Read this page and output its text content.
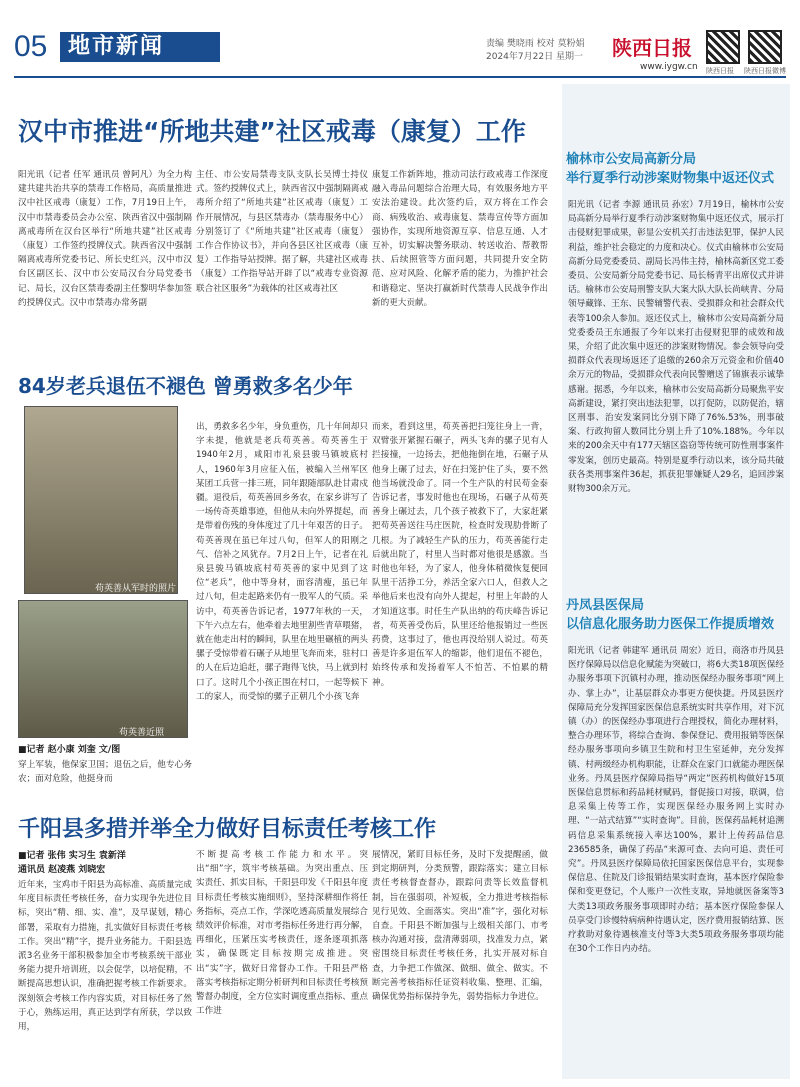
05 地市新闻	责编 樊晓雨 校对 莫粉娟
2024年7月22日 星期一 陕西日报
www.iygw.cn 陕西日报 陕西日报微博
汉中市推进“所地共建”社区戒毒（康复）工作
阳光讯（记者 任军 通讯员 曾阿凡）为全力构建共建共治共享的禁毒工作格局，高质量推进汉中社区戒毒（康复）工作，7月19日上午，汉中市禁毒委员会办公室、陕西省汉中强制隔离戒毒所在汉台区举行“所地共建”社区戒毒（康复）工作签约授牌仪式。陕西省汉中强制隔离戒毒所党委书记、所长史红兴，汉中市汉台区副区长、汉中市公安局汉台分局党委书记、局长，汉台区禁毒委副主任黎明华参加签约授牌仪式。汉中市禁毒办常务副
主任、市公安局禁毒支队支队长吴博士持仪式。签约授牌仪式上，陕西省汉中强制隔离戒毒所介绍了“所地共建”社区戒毒（康复）工作开展情况，与县区禁毒办（禁毒服务中心）分别签订了《“所地共建”社区戒毒（康复）工作合作协议书》，并向各县区社区戒毒（康复）工作指导站授牌。据了解，共建社区戒毒（康复）工作指导站开辟了以“戒毒专业资源联合社区服务”为载体的社区戒毒社区
康复工作新阵地，推动司法行政戒毒工作深度融入毒品问题综合治理大局，有效服务地方平安法治建设。此次签约后，双方将在工作会商、病残收治、戒毒康复、禁毒宣传等方面加强协作，实现所地资源互享、信息互通、人才互补，切实解决警务联动、转送收治、帮教帮扶、后续照管等方面问题，共同提升安全防范、应对风险、化解矛盾的能力，为推护社会和谐稳定、坚决打赢新时代禁毒人民战争作出新的更大贡献。
84岁老兵退伍不褪色 曾勇救多名少年
苟英善从军时的照片
苟英善近照
■记者 赵小康 刘奎 文/图
穿上军装，他保家卫国；退伍之后，他专心务农；面对危险，他挺身而
出，勇救多名少年，身负重伤，几十年间却只字未提，他就是老兵苟英善。苟英善生于1940年2月，咸阳市礼泉县骏马镇坡底村人，1960年3月应征入伍，被编入兰州军区某团工兵营一排三班，同年跟随部队赴甘肃戍疆。退役后，苟英善回乡务农，在家乡讲写了一场传奇英雄事迹，但他从未向外界提起，而是带着伤残的身体度过了几十年艰苦的日子。苟英善现在虽已年过八旬，但军人的阳刚之气、信补之风犹存。7月2日上午，记者在礼泉县骏马镇坡底村苟英善的家中见到了这位“老兵”，他中等身材，面容清瘦，虽已年过八旬，但走起路来仍有一股军人的气质。采访中，苟英善告诉记者，1977年秋的一天，下午六点左右，他牵着去地里割些青草喂猪，就在他走出村的瞬间，队里在地里碾植的两头骡子受惊带着石碾子从地里飞奔而来，驻村口的人在后边追赶，骡子跑得飞快，马上就到村口了。这时几个小孩正围在村口，一起等候下工的家人，而受惊的骡子正朝几个小孩飞奔
而来，看到这里，苟英善把扫笼往身上一背，双臂张开紧握石碾子，两头飞奔的骡子见有人拦接撞，一边扬去，把他拖倒在地，石碾子从他身上碾了过去，好在扫笼护住了头，要不然他当场就没命了。同一个生产队的村民苟金泰告诉记者，事发时他也在现场，石碾子从苟英善身上碾过去，几个孩子被救下了，大家赶紧把苟英善送往马庄医院，检查时发现肋骨断了几根。为了减轻生产队的压力，苟英善能行走后就出院了，村里人当时都对他很是感激。当时他也年轻，为了家人，他身体稍微恢复便回队里干活挣工分，养活全家六口人，但救人之举他后来也没有向外人提起，村里上年龄的人才知道这事。时任生产队出纳的苟庆峰告诉记者，苟英善受伤后，队里还给他报销过一些医药费，这事过了，他也再没给别人说过。苟英善是许多退伍军人的缩影，他们退伍不褪色，始终传承和发扬着军人不怕苦、不怕累的精神。
千阳县多措并举全力做好目标责任考核工作
■记者 张伟 实习生 袁新洋
通讯员 赵凌燕 刘晓宏
近年来，宝鸡市千阳县为高标准、高质量完成年度目标责任考核任务，奋力实现争先进位目标，突出“精、细、实、准”，及早谋划，精心部署，采取有力措施，扎实做好目标责任考核工作。突出“精”字，提升业务能力。千阳县选派3名业务干部积极参加全市考核系统干部业务能力提升培训班，以会促学，以培促精，不断提高思想认识，准确把握考核工作新要求。深刻领会考核工作内容实质，对目标任务了然于心，熟练运用，真正达到学有所获，学以致用，
不断提高考核工作能力和水平。突出“细”字，筑牢考核基础。为突出重点、压实责任、抓实目标，千阳县印发《千阳县年度目标责任考核实施细则》，坚持深耕细作将任务指标，亮点工作，学深吃透高质量发展综合绩效评价标准，对市考指标任务进行再分解，再细化，压紧压实考核责任，逐条逐项抓落实，确保既定目标按期完成推进。突出“实”字，做好日常督办工作。千阳县严格落实考核指标定期分析研判和目标责任考核预警督办制度，全方位实时调度重点指标、重点工作进
展情况，紧盯目标任务，及时下发提醒函，做到定期研判，分类预警，跟踪落实；建立目标责任考核督查督办，跟踪问责等长效监督机制，旨在强弱项，补短板，全力推进考核指标见行见效、全面落实。突出“准”字，强化对标自查。千阳县不断加强与上级相关部门、市考核办沟通对接，盘清薄弱项，找准发力点，紧密围绕目标责任考核任务，扎实开展对标自查，力争把工作做深、做细、做全、做实。不断完善考核指标任证资料收集、整理、汇编，确保优势指标保持争先，弱势指标力争进位。
榆林市公安局高新分局
举行夏季行动涉案财物集中返还仪式
阳光讯（记者 李源 通讯员 孙宏）7月19日，榆林市公安局高新分局举行夏季行动涉案财物集中返还仪式，展示打击侵财犯罪成果，彰显公安机关打击违法犯罪，保护人民利益，维护社会稳定的力度和决心。仪式由榆林市公安局高新分局党委委员、副局长冯伟主持，榆林高新区党工委委员、公安局新分局党委书记、局长杨青平出席仪式并讲话。榆林市公安局刑警支队大案大队大队长尚峡青、分局领导藏锋、王东、民警辅警代表、受损群众和社会群众代表等100余人参加。返还仪式上，榆林市公安局高新分局党委委员王东通报了今年以来打击侵财犯罪的成效和战果，介绍了此次集中返还的涉案财物情况。参会领导向受损群众代表现场返还了追缴的260余万元资金和价值40余万元的物品，受损群众代表向民警赠送了锦旗表示诚挚感谢。据悉，今年以来，榆林市公安局高新分局聚焦平安高新建设，紧打突出违法犯罪，以打促防，以防促治，辖区刑事、治安发案同比分别下降了76%.53%，刑事破案、行政拘留人数同比分别上升了10%.188%。今年以来的200余天中有177天辖区盗窃等传统可防性刑事案件零发案，创历史最高。特别是夏季行动以来，该分局共破获各类刑事案件36起，抓获犯罪嫌疑人29名，追回涉案财物300余万元。
丹凤县医保局
以信息化服务助力医保工作提质增效
阳光讯（记者 韩建军 通讯员 周宏）近日，商洛市丹凤县医疗保障局以信息化赋能为突破口，将6大类18项医保经办服务事项下沉镇村办理，推动医保经办服务事项“网上办、掌上办”，让基层群众办事更方便快捷。丹凤县医疗保障局充分发挥国家医保信息系统实时共享作用，对下沉镇（办）的医保经办事项进行合理授权，简化办理材料，整合办理环节，将综合查询、参保登记、费用报销等医保经办服务事项向乡镇卫生院和村卫生室延伸，充分发挥镇、村两级经办机构职能，让群众在家门口就能办理医保业务。丹凤县医疗保障局指导“两定”医药机构做好15项医保信息贯标和药品耗材赋码，督促接口对接，联调，信息采集上传等工作，实现医保经办服务网上实时办理、“一站式结算”“实时查询”。目前，医保药品耗材追溯码信息采集系统接入率达100%，累计上传药品信息236585条，确保了药品“来源可查、去向可追、责任可究”。丹凤县医疗保障局依托国家医保信息平台，实现参保信息、住院及门诊报销结果实时查询，基本医疗保险参保和变更登记，个人账户一次性支取，异地就医备案等3大类13项政务服务事项即时办结；基本医疗保险参保人员享受门诊慢特病病种待遇认定，医疗费用报销结算、医疗救助对象待遇核准支付等3大类5项政务服务事项均能在30个工作日内办结。
